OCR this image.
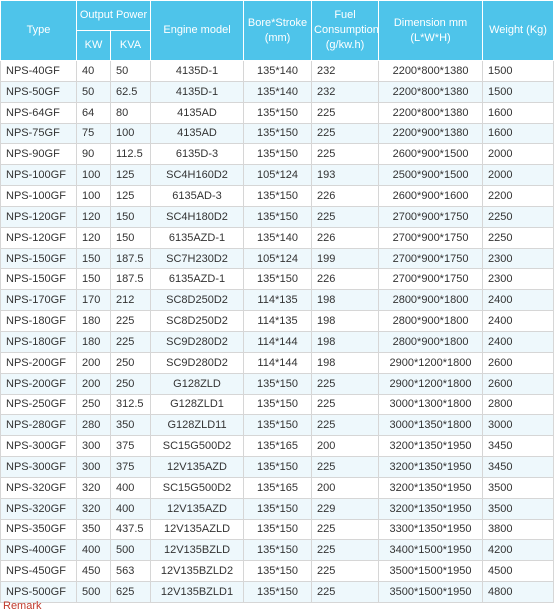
Type	Output Power		Engine model	Bore*Stroke (mm)	Fuel Consumption (g/kw.h)	Dimension mm (L*W*H)	Weight (Kg)
	KW	KVA					
NPS-40GF	40	50	4135D-1	135*140	232	2200*800*1380	1500
NPS-50GF	50	62.5	4135D-1	135*140	232	2200*800*1380	1500
NPS-64GF	64	80	4135AD	135*150	225	2200*800*1380	1600
NPS-75GF	75	100	4135AD	135*150	225	2200*900*1380	1600
NPS-90GF	90	112.5	6135D-3	135*150	225	2600*900*1500	2000
NPS-100GF	100	125	SC4H160D2	105*124	193	2500*900*1500	2000
NPS-100GF	100	125	6135AD-3	135*150	226	2600*900*1600	2200
NPS-120GF	120	150	SC4H180D2	135*150	225	2700*900*1750	2250
NPS-120GF	120	150	6135AZD-1	135*140	226	2700*900*1750	2250
NPS-150GF	150	187.5	SC7H230D2	105*124	199	2700*900*1750	2300
NPS-150GF	150	187.5	6135AZD-1	135*150	226	2700*900*1750	2300
NPS-170GF	170	212	SC8D250D2	114*135	198	2800*900*1800	2400
NPS-180GF	180	225	SC8D250D2	114*135	198	2800*900*1800	2400
NPS-180GF	180	225	SC9D280D2	114*144	198	2800*900*1800	2400
NPS-200GF	200	250	SC9D280D2	114*144	198	2900*1200*1800	2600
NPS-200GF	200	250	G128ZLD	135*150	225	2900*1200*1800	2600
NPS-250GF	250	312.5	G128ZLD1	135*150	225	3000*1300*1800	2800
NPS-280GF	280	350	G128ZLD11	135*150	225	3000*1350*1800	3000
NPS-300GF	300	375	SC15G500D2	135*165	200	3200*1350*1950	3450
NPS-300GF	300	375	12V135AZD	135*150	225	3200*1350*1950	3450
NPS-320GF	320	400	SC15G500D2	135*165	200	3200*1350*1950	3500
NPS-320GF	320	400	12V135AZD	135*150	229	3200*1350*1950	3500
NPS-350GF	350	437.5	12V135AZLD	135*150	225	3300*1350*1950	3800
NPS-400GF	400	500	12V135BZLD	135*150	225	3400*1500*1950	4200
NPS-450GF	450	563	12V135BZLD2	135*150	225	3500*1500*1950	4500
NPS-500GF	500	625	12V135BZLD1	135*150	225	3500*1500*1950	4800
Remark
